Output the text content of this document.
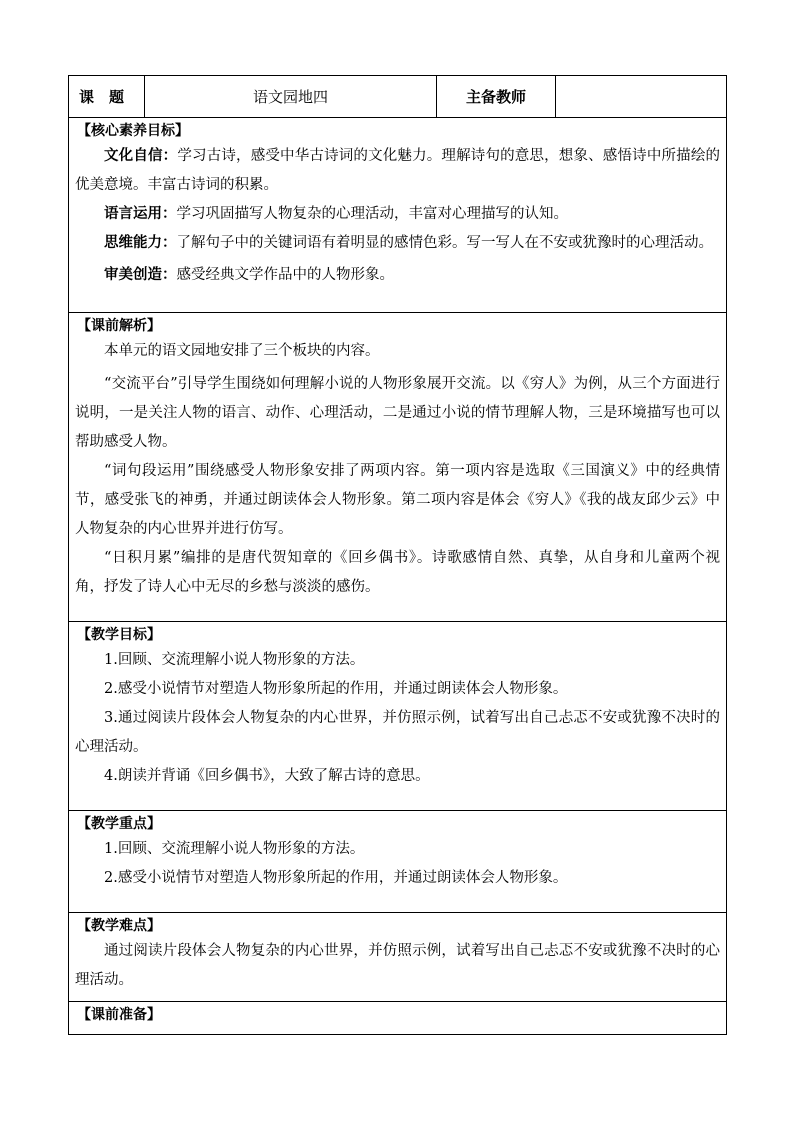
课　题	语文园地四	主备教师	

【核心素养目标】

文化自信：学习古诗，感受中华古诗词的文化魅力。理解诗句的意思，想象、感悟诗中所描绘的优美意境。丰富古诗词的积累。

语言运用：学习巩固描写人物复杂的心理活动，丰富对心理描写的认知。

思维能力：了解句子中的关键词语有着明显的感情色彩。写一写人在不安或犹豫时的心理活动。

审美创造：感受经典文学作品中的人物形象。

【课前解析】

本单元的语文园地安排了三个板块的内容。

“交流平台”引导学生围绕如何理解小说的人物形象展开交流。以《穷人》为例，从三个方面进行说明，一是关注人物的语言、动作、心理活动，二是通过小说的情节理解人物，三是环境描写也可以帮助感受人物。

“词句段运用”围绕感受人物形象安排了两项内容。第一项内容是选取《三国演义》中的经典情节，感受张飞的神勇，并通过朗读体会人物形象。第二项内容是体会《穷人》《我的战友邱少云》中人物复杂的内心世界并进行仿写。

“日积月累”编排的是唐代贺知章的《回乡偶书》。诗歌感情自然、真挚，从自身和儿童两个视角，抒发了诗人心中无尽的乡愁与淡淡的感伤。

【教学目标】

1.回顾、交流理解小说人物形象的方法。

2.感受小说情节对塑造人物形象所起的作用，并通过朗读体会人物形象。

3.通过阅读片段体会人物复杂的内心世界，并仿照示例，试着写出自己忐忑不安或犹豫不决时的心理活动。

4.朗读并背诵《回乡偶书》，大致了解古诗的意思。

【教学重点】

1.回顾、交流理解小说人物形象的方法。

2.感受小说情节对塑造人物形象所起的作用，并通过朗读体会人物形象。

【教学难点】

通过阅读片段体会人物复杂的内心世界，并仿照示例，试着写出自己忐忑不安或犹豫不决时的心理活动。

【课前准备】
